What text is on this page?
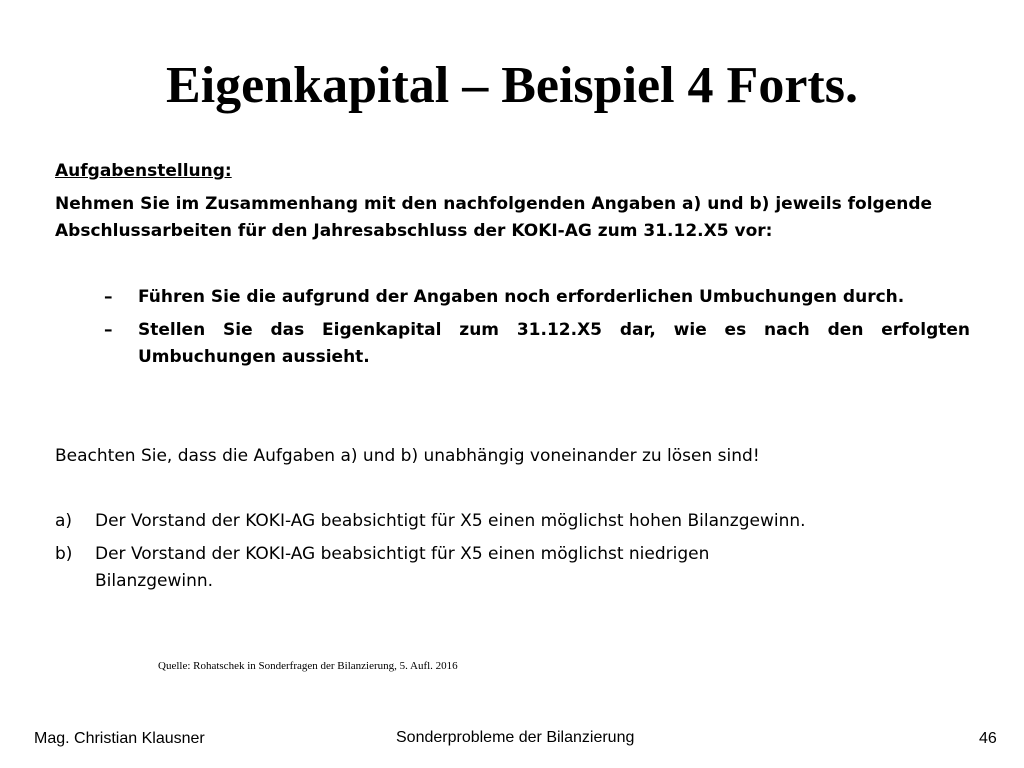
Eigenkapital – Beispiel 4 Forts.
Aufgabenstellung:
Nehmen Sie im Zusammenhang mit den nachfolgenden Angaben a) und b) jeweils folgende Abschlussarbeiten für den Jahresabschluss der KOKI-AG zum 31.12.X5 vor:
–	Führen Sie die aufgrund der Angaben noch erforderlichen Umbuchungen durch.
–	Stellen Sie das Eigenkapital zum 31.12.X5 dar, wie es nach den erfolgten Umbuchungen aussieht.
Beachten Sie, dass die Aufgaben a) und b) unabhängig voneinander zu lösen sind!
a)	Der Vorstand der KOKI-AG beabsichtigt für X5 einen möglichst hohen Bilanzgewinn.
b)	Der Vorstand der KOKI-AG beabsichtigt für X5 einen möglichst niedrigen Bilanzgewinn.
Quelle: Rohatschek in Sonderfragen der Bilanzierung, 5. Aufl. 2016
Mag. Christian Klausner	Sonderprobleme der Bilanzierung	46
